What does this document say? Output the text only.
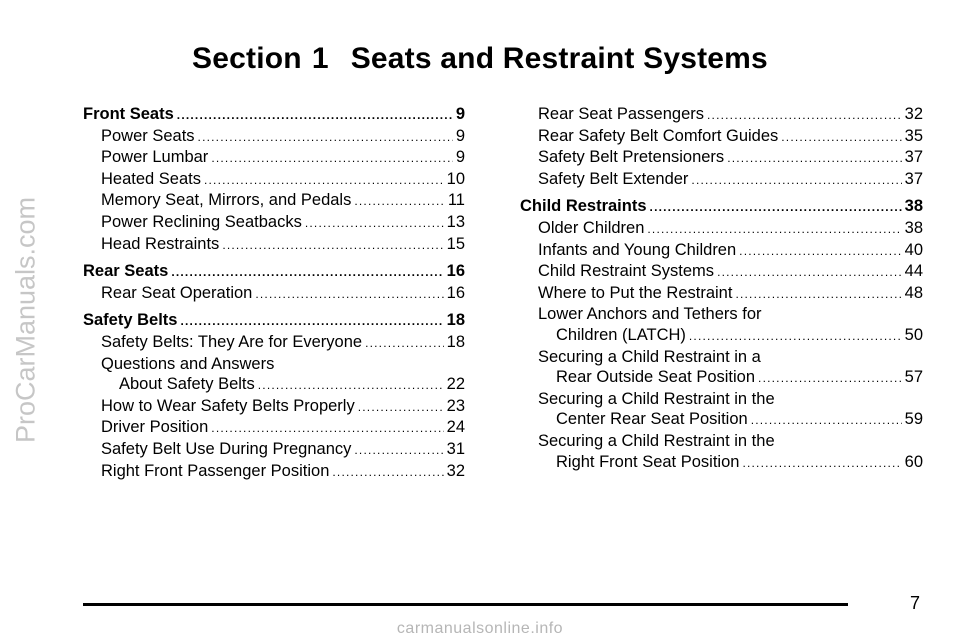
ProCarManuals.com
Section 1 Seats and Restraint Systems
Front Seats .....	9
Power Seats .....	9
Power Lumbar .....	9
Heated Seats .....	10
Memory Seat, Mirrors, and Pedals .....	11
Power Reclining Seatbacks .....	13
Head Restraints .....	15
Rear Seats .....	16
Rear Seat Operation .....	16
Safety Belts .....	18
Safety Belts: They Are for Everyone .....	18
Questions and Answers
About Safety Belts .....	22
How to Wear Safety Belts Properly .....	23
Driver Position .....	24
Safety Belt Use During Pregnancy .....	31
Right Front Passenger Position .....	32
Rear Seat Passengers .....	32
Rear Safety Belt Comfort Guides .....	35
Safety Belt Pretensioners .....	37
Safety Belt Extender .....	37
Child Restraints .....	38
Older Children .....	38
Infants and Young Children .....	40
Child Restraint Systems .....	44
Where to Put the Restraint .....	48
Lower Anchors and Tethers for
Children (LATCH) .....	50
Securing a Child Restraint in a
Rear Outside Seat Position .....	57
Securing a Child Restraint in the
Center Rear Seat Position .....	59
Securing a Child Restraint in the
Right Front Seat Position .....	60
7
carmanualsonline.info
